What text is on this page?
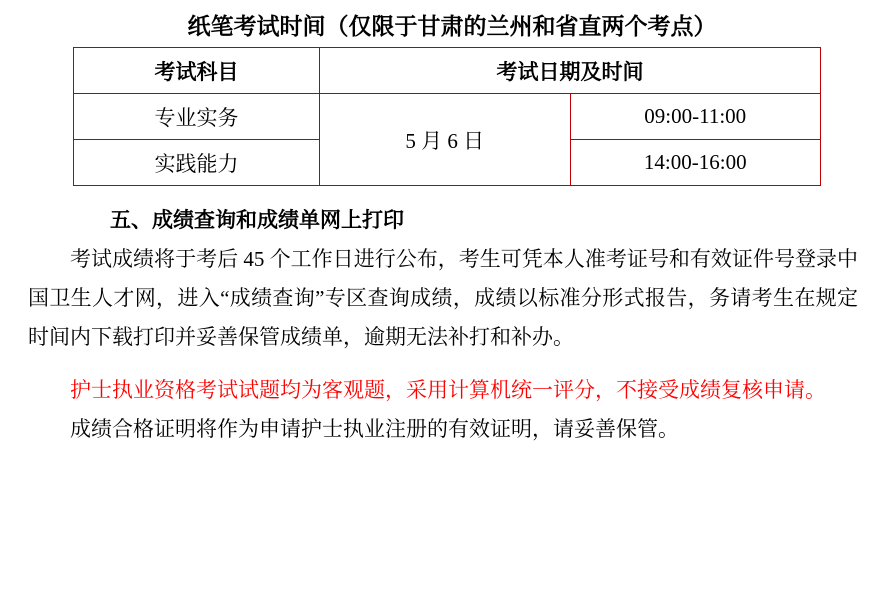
纸笔考试时间（仅限于甘肃的兰州和省直两个考点）
考试科目	考试日期及时间	
专业实务	5 月 6 日	09:00-11:00
实践能力		14:00-16:00
五、成绩查询和成绩单网上打印

考试成绩将于考后 45 个工作日进行公布，考生可凭本人准考证号和有效证件号登录中国卫生人才网，进入“成绩查询”专区查询成绩，成绩以标准分形式报告，务请考生在规定时间内下载打印并妥善保管成绩单，逾期无法补打和补办。

护士执业资格考试试题均为客观题，采用计算机统一评分，不接受成绩复核申请。

成绩合格证明将作为申请护士执业注册的有效证明，请妥善保管。
